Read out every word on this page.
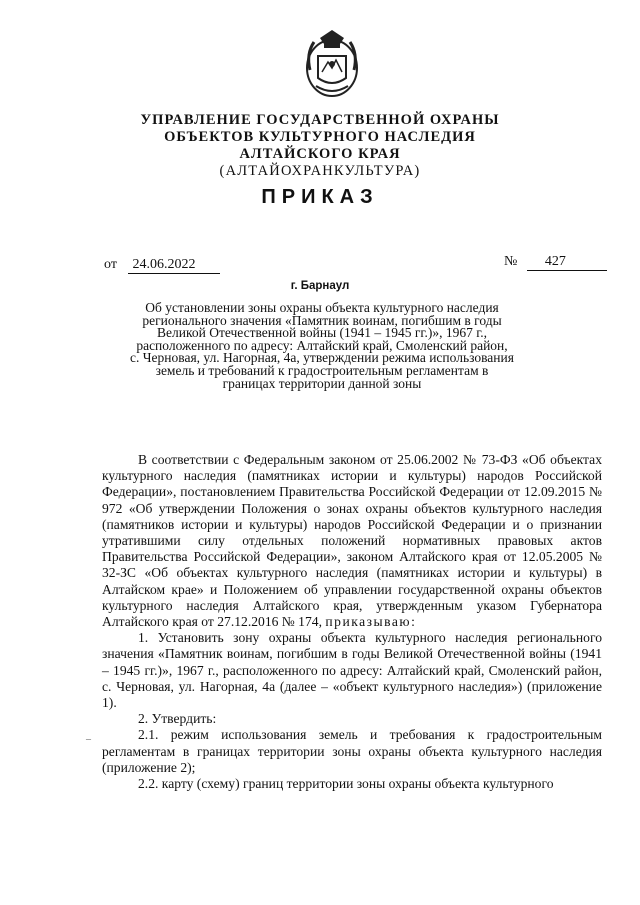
УПРАВЛЕНИЕ ГОСУДАРСТВЕННОЙ ОХРАНЫ
ОБЪЕКТОВ КУЛЬТУРНОГО НАСЛЕДИЯ
АЛТАЙСКОГО КРАЯ
(АЛТАЙОХРАНКУЛЬТУРА)
ПРИКАЗ
от 24.06.2022	№ 427
г. Барнаул
Об установлении зоны охраны объекта культурного наследия регионального значения «Памятник воинам, погибшим в годы Великой Отечественной войны (1941 – 1945 гг.)», 1967 г., расположенного по адресу: Алтайский край, Смоленский район, с. Черновая, ул. Нагорная, 4а, утверждении режима использования земель и требований к градостроительным регламентам в границах территории данной зоны
–

В соответствии с Федеральным законом от 25.06.2002 № 73-ФЗ «Об объектах культурного наследия (памятниках истории и культуры) народов Российской Федерации», постановлением Правительства Российской Федерации от 12.09.2015 № 972 «Об утверждении Положения о зонах охраны объектов культурного наследия (памятников истории и культуры) народов Российской Федерации и о признании утратившими силу отдельных положений нормативных правовых актов Правительства Российской Федерации», законом Алтайского края от 12.05.2005 № 32-ЗС «Об объектах культурного наследия (памятниках истории и культуры) в Алтайском крае» и Положением об управлении государственной охраны объектов культурного наследия Алтайского края, утвержденным указом Губернатора Алтайского края от 27.12.2016 № 174, приказываю:

1. Установить зону охраны объекта культурного наследия регионального значения «Памятник воинам, погибшим в годы Великой Отечественной войны (1941 – 1945 гг.)», 1967 г., расположенного по адресу: Алтайский край, Смоленский район, с. Черновая, ул. Нагорная, 4а (далее – «объект культурного наследия») (приложение 1).

2. Утвердить:

2.1. режим использования земель и требования к градостроительным регламентам в границах территории зоны охраны объекта культурного наследия (приложение 2);

2.2. карту (схему) границ территории зоны охраны объекта культурного
